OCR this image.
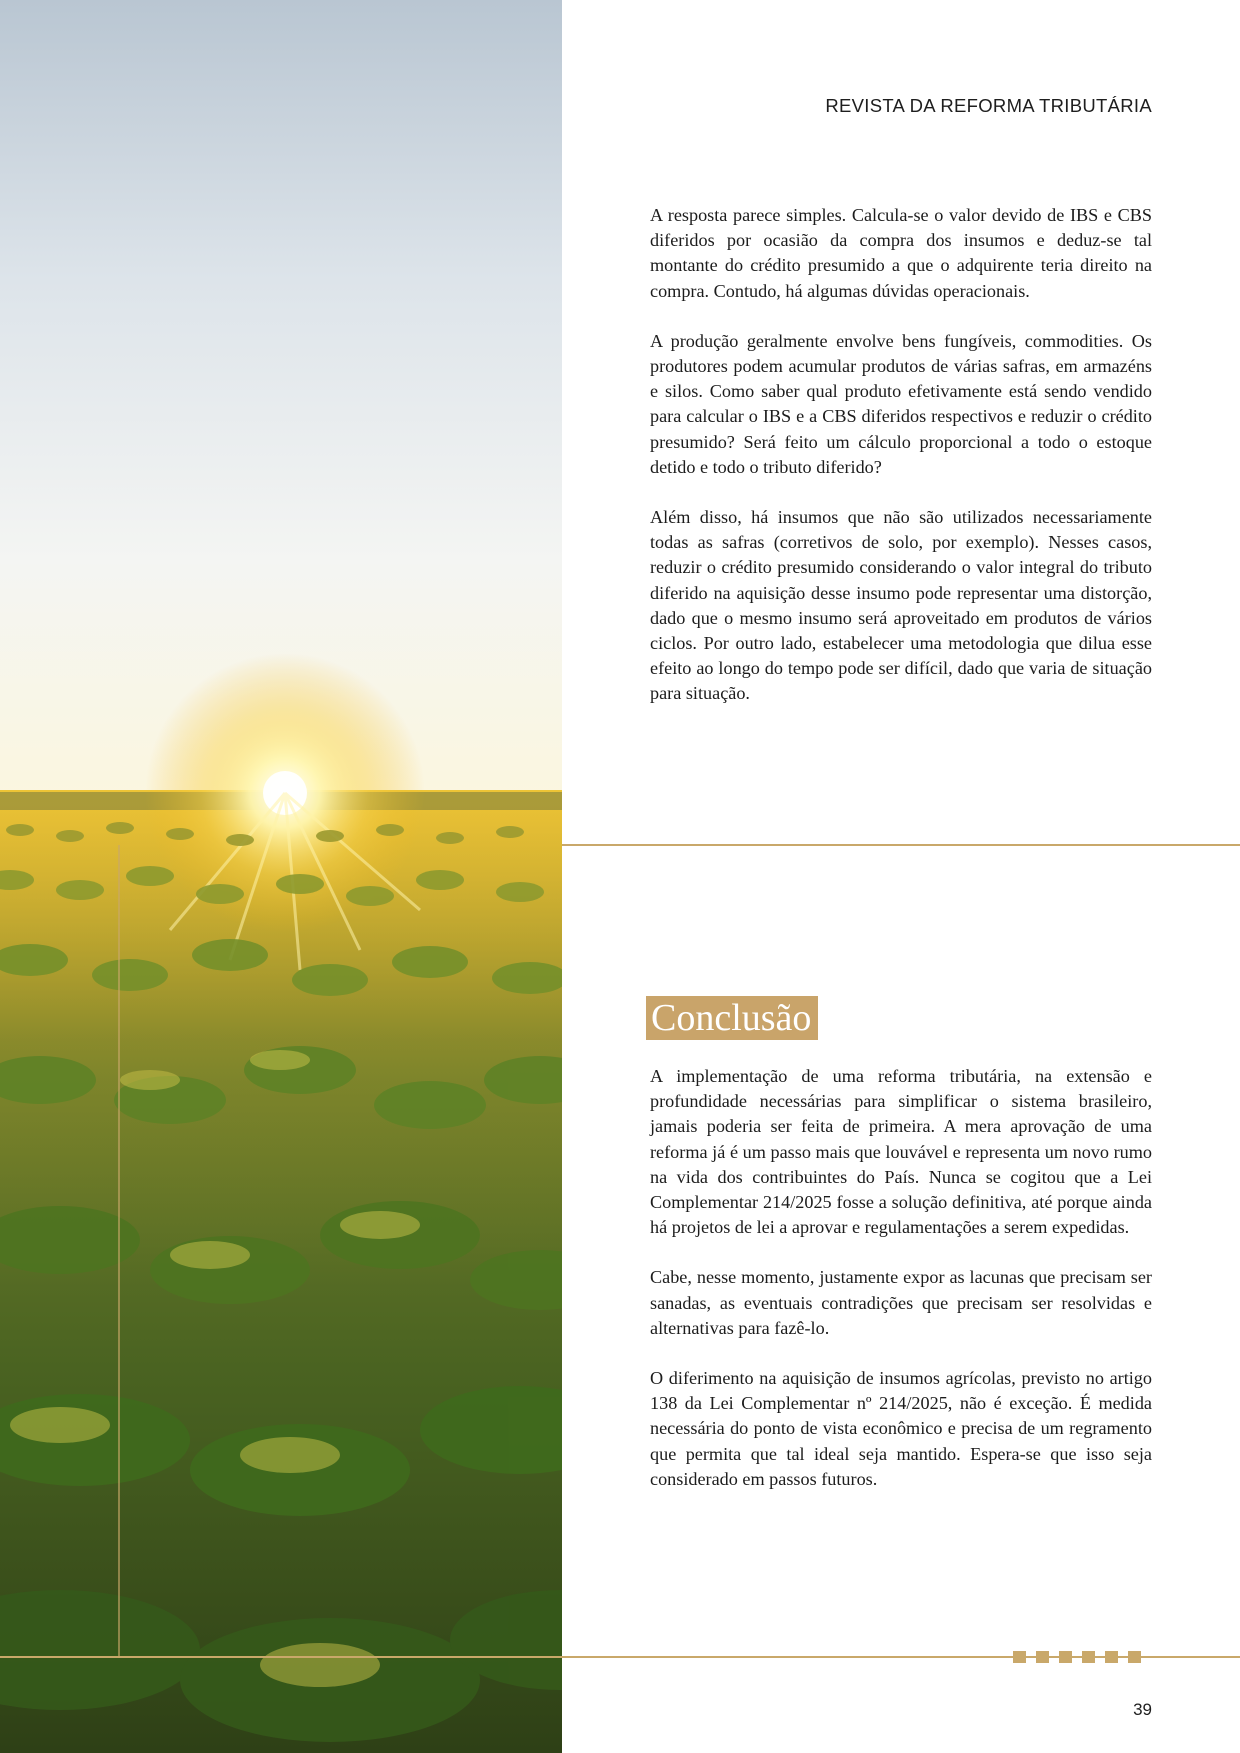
REVISTA DA REFORMA TRIBUTÁRIA

A resposta parece simples. Calcula-se o valor devido de IBS e CBS diferidos por ocasião da compra dos insumos e deduz-se tal montante do crédito presumido a que o adquirente teria direito na compra. Contudo, há algumas dúvidas operacionais.

A produção geralmente envolve bens fungíveis, commodities. Os produtores podem acumular produtos de várias safras, em armazéns e silos. Como saber qual produto efetivamente está sendo vendido para calcular o IBS e a CBS diferidos respectivos e reduzir o crédito presumido? Será feito um cálculo proporcional a todo o estoque detido e todo o tributo diferido?

Além disso, há insumos que não são utilizados necessariamente todas as safras (corretivos de solo, por exemplo). Nesses casos, reduzir o crédito presumido considerando o valor integral do tributo diferido na aquisição desse insumo pode representar uma distorção, dado que o mesmo insumo será aproveitado em produtos de vários ciclos. Por outro lado, estabelecer uma metodologia que dilua esse efeito ao longo do tempo pode ser difícil, dado que varia de situação para situação.

Conclusão

A implementação de uma reforma tributária, na extensão e profundidade necessárias para simplificar o sistema brasileiro, jamais poderia ser feita de primeira. A mera aprovação de uma reforma já é um passo mais que louvável e representa um novo rumo na vida dos contribuintes do País. Nunca se cogitou que a Lei Complementar 214/2025 fosse a solução definitiva, até porque ainda há projetos de lei a aprovar e regulamentações a serem expedidas.

Cabe, nesse momento, justamente expor as lacunas que precisam ser sanadas, as eventuais contradições que precisam ser resolvidas e alternativas para fazê-lo.

O diferimento na aquisição de insumos agrícolas, previsto no artigo 138 da Lei Complementar nº 214/2025, não é exceção. É medida necessária do ponto de vista econômico e precisa de um regramento que permita que tal ideal seja mantido. Espera-se que isso seja considerado em passos futuros.

39
